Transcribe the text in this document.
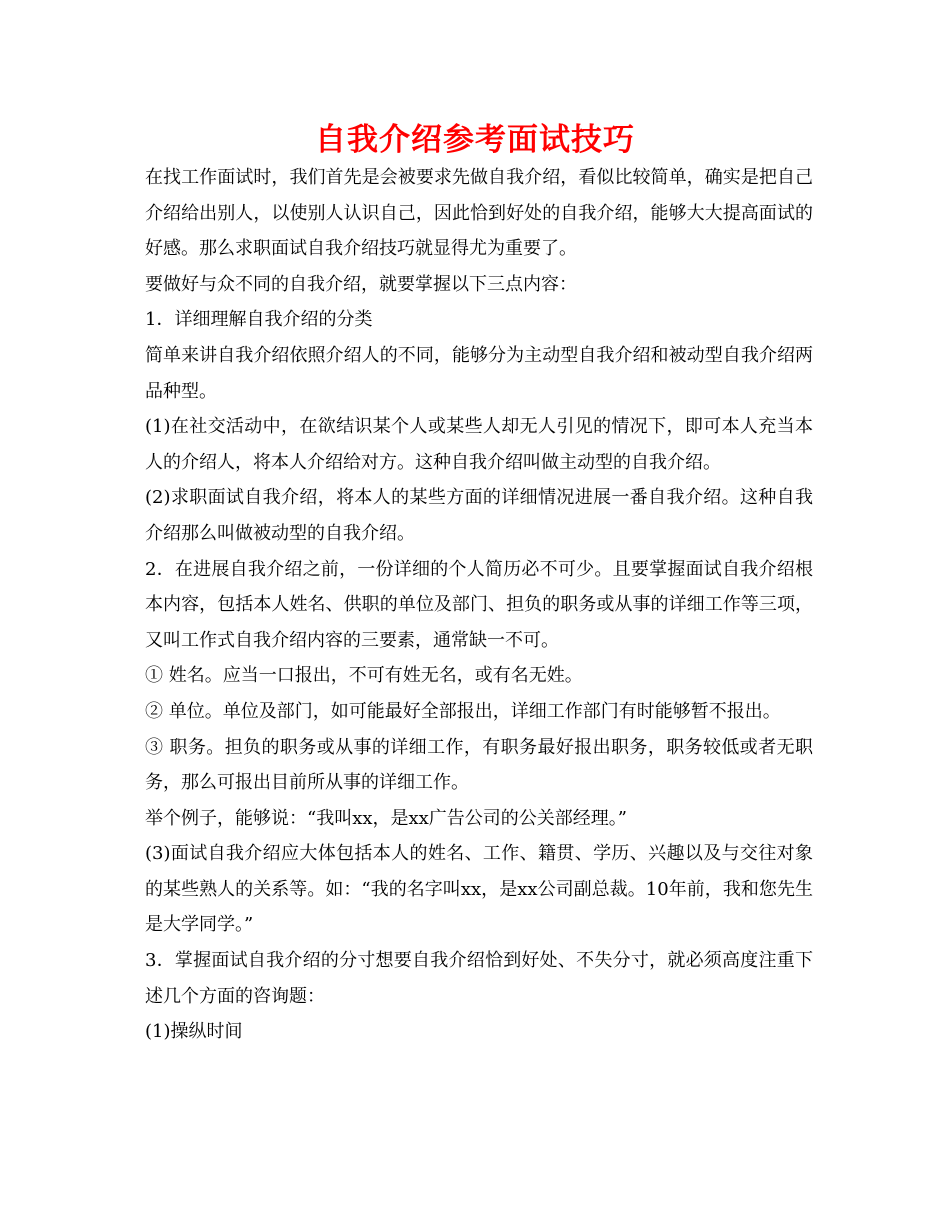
自我介绍参考面试技巧

在找工作面试时，我们首先是会被要求先做自我介绍，看似比较简单，确实是把自己介绍给出别人，以使别人认识自己，因此恰到好处的自我介绍，能够大大提高面试的好感。那么求职面试自我介绍技巧就显得尤为重要了。

要做好与众不同的自我介绍，就要掌握以下三点内容：

1．详细理解自我介绍的分类

简单来讲自我介绍依照介绍人的不同，能够分为主动型自我介绍和被动型自我介绍两品种型。

(1)在社交活动中，在欲结识某个人或某些人却无人引见的情况下，即可本人充当本人的介绍人，将本人介绍给对方。这种自我介绍叫做主动型的自我介绍。

(2)求职面试自我介绍，将本人的某些方面的详细情况进展一番自我介绍。这种自我介绍那么叫做被动型的自我介绍。

2．在进展自我介绍之前，一份详细的个人简历必不可少。且要掌握面试自我介绍根本内容，包括本人姓名、供职的单位及部门、担负的职务或从事的详细工作等三项，又叫工作式自我介绍内容的三要素，通常缺一不可。

① 姓名。应当一口报出，不可有姓无名，或有名无姓。

② 单位。单位及部门，如可能最好全部报出，详细工作部门有时能够暂不报出。

③ 职务。担负的职务或从事的详细工作，有职务最好报出职务，职务较低或者无职务，那么可报出目前所从事的详细工作。

举个例子，能够说：“我叫xx，是xx广告公司的公关部经理。”

(3)面试自我介绍应大体包括本人的姓名、工作、籍贯、学历、兴趣以及与交往对象的某些熟人的关系等。如：“我的名字叫xx，是xx公司副总裁。10年前，我和您先生是大学同学。”

3．掌握面试自我介绍的分寸想要自我介绍恰到好处、不失分寸，就必须高度注重下述几个方面的咨询题：

(1)操纵时间
